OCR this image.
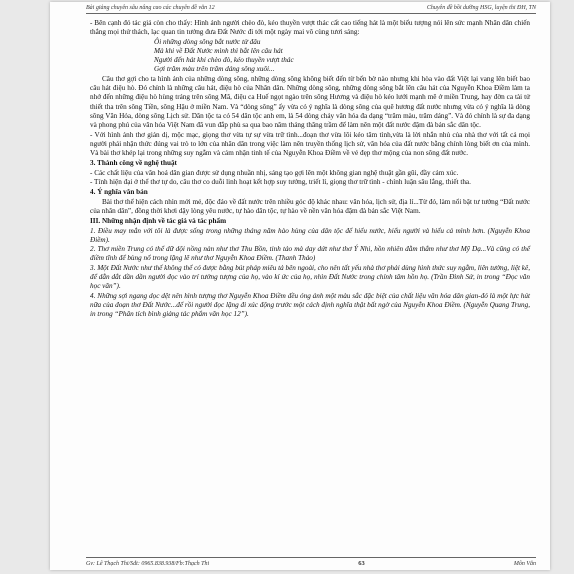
Bài giảng chuyên sâu nâng cao các chuyên đề văn 12	Chuyên đề bồi dưỡng HSG, luyện thi ĐH, TN

- Bên cạnh đó tác giả còn cho thấy: Hình ảnh người chèo đò, kéo thuyền vượt thác cất cao tiếng hát là một biểu tượng nói lên sức mạnh Nhân dân chiến thắng mọi thử thách, lạc quan tin tưởng đưa Đất Nước đi tới một ngày mai vô cùng tươi sáng:

Ôi những dòng sông bắt nước từ đâu

Mà khi về Đất Nước mình thì bắt lên câu hát

Người đến hát khi chèo đò, kéo thuyền vượt thác

Gợi trăm màu trên trăm dáng sông xuôi...

Câu thơ gợi cho ta hình ảnh của những dòng sông, những dòng sông không biết đến từ bến bờ nào nhưng khi hòa vào đất Việt lại vang lên biết bao câu hát điệu hò. Đó chính là những câu hát, điệu hò của Nhân dân. Những dòng sông, những dòng sông bắt lên câu hát của Nguyễn Khoa Điềm làm ta nhớ đến những điệu hò hùng tráng trên sông Mã, điệu ca Huế ngọt ngào trên sông Hương và điệu hò kéo lưới mạnh mẽ ở miền Trung, hay đờn ca tài tử thiết tha trên sông Tiền, sông Hậu ở miền Nam. Và “dòng sông” ấy vừa có ý nghĩa là dòng sông của quê hương đất nước nhưng vừa có ý nghĩa là dòng sông Văn Hóa, dòng sông Lịch sử. Dân tộc ta có 54 dân tộc anh em, là 54 dòng chảy văn hóa đa dạng “trăm màu, trăm dáng”. Và đó chính là sự đa dạng và phong phú của văn hóa Việt Nam đã vun đắp phù sa qua bao năm tháng thăng trầm để làm nên một đất nước đậm đà bản sắc dân tộc.

- Với hình ảnh thơ giản dị, mộc mạc, giọng thơ vừa tự sự vừa trữ tình...đoạn thơ vừa lôi kéo tâm tình,vừa là lời nhắn nhủ của nhà thơ với tất cả mọi người phải nhận thức đúng vai trò to lớn của nhân dân trong việc làm nên truyền thống lịch sử, văn hóa của đất nước bằng chính lòng biết ơn của mình. Và bài thơ khép lại trong những suy ngẫm và cảm nhận tinh tế của Nguyễn Khoa Điềm về vẻ đẹp thơ mộng của non sông đất nước.

3. Thành công về nghệ thuật

- Các chất liệu của văn hoá dân gian được sử dụng nhuần nhị, sáng tạo gợi lên một không gian nghệ thuật gần gũi, đầy cảm xúc.

- Tính hiện đại ở thể thơ tự do, câu thơ co duỗi linh hoạt kết hợp suy tưởng, triết lí, giọng thơ trữ tình - chính luận sâu lắng, thiết tha.

4. Ý nghĩa văn bản

Bài thơ thể hiện cách nhìn mới mẻ, độc đáo về đất nước trên nhiều góc độ khác nhau: văn hóa, lịch sử, địa lí...Từ đó, làm nổi bật tư tưởng “Đất nước của nhân dân”, đồng thời khơi dậy lòng yêu nước, tự hào dân tộc, tự hào về nền văn hóa đậm đà bản sắc Việt Nam.

III. Những nhận định về tác giả và tác phẩm

1. Điều may mắn với tôi là được sống trong những tháng năm hào hùng của dân tộc để hiểu nước, hiểu người và hiểu cả mình hơn. (Nguyễn Khoa Điềm).

2. Thơ miền Trung có thể dữ dội nồng nàn như thơ Thu Bồn, tinh tảo mà day dứt như thơ Ý Nhi, hồn nhiên đằm thắm như thơ Mỹ Dạ...Và cũng có thể điềm tĩnh để bùng nổ trong lặng lẽ như thơ Nguyễn Khoa Điềm. (Thanh Thảo)

3. Một Đất Nước như thế không thể có được bằng bút pháp miêu tả bên ngoài, cho nên tất yếu nhà thơ phải dùng hình thức suy ngẫm, liên tưởng, liệt kê, để dẫn dắt dần dần người đọc vào trí tưởng tượng của họ, vào kí ức của họ, nhìn Đất Nước trong chính tâm hồn họ. (Trần Đình Sử, in trong “Đọc văn học văn”).

4. Những sợi ngang dọc dệt nên hình tượng thơ Nguyễn Khoa Điềm đều óng ánh một màu sắc đặc biệt của chất liệu văn hóa dân gian-đó là một lực hút nữa của đoạn thơ Đất Nước...để rồi người đọc lặng đi xúc động trước một cách định nghĩa thật bất ngờ của Nguyễn Khoa Điềm. (Nguyễn Quang Trung, in trong “Phân tích bình giảng tác phẩm văn học 12”).

Gv: Lê Thạch Thi/Sđt: 0965.838.938/Fb:Thạch Thi	63	Môn Văn
